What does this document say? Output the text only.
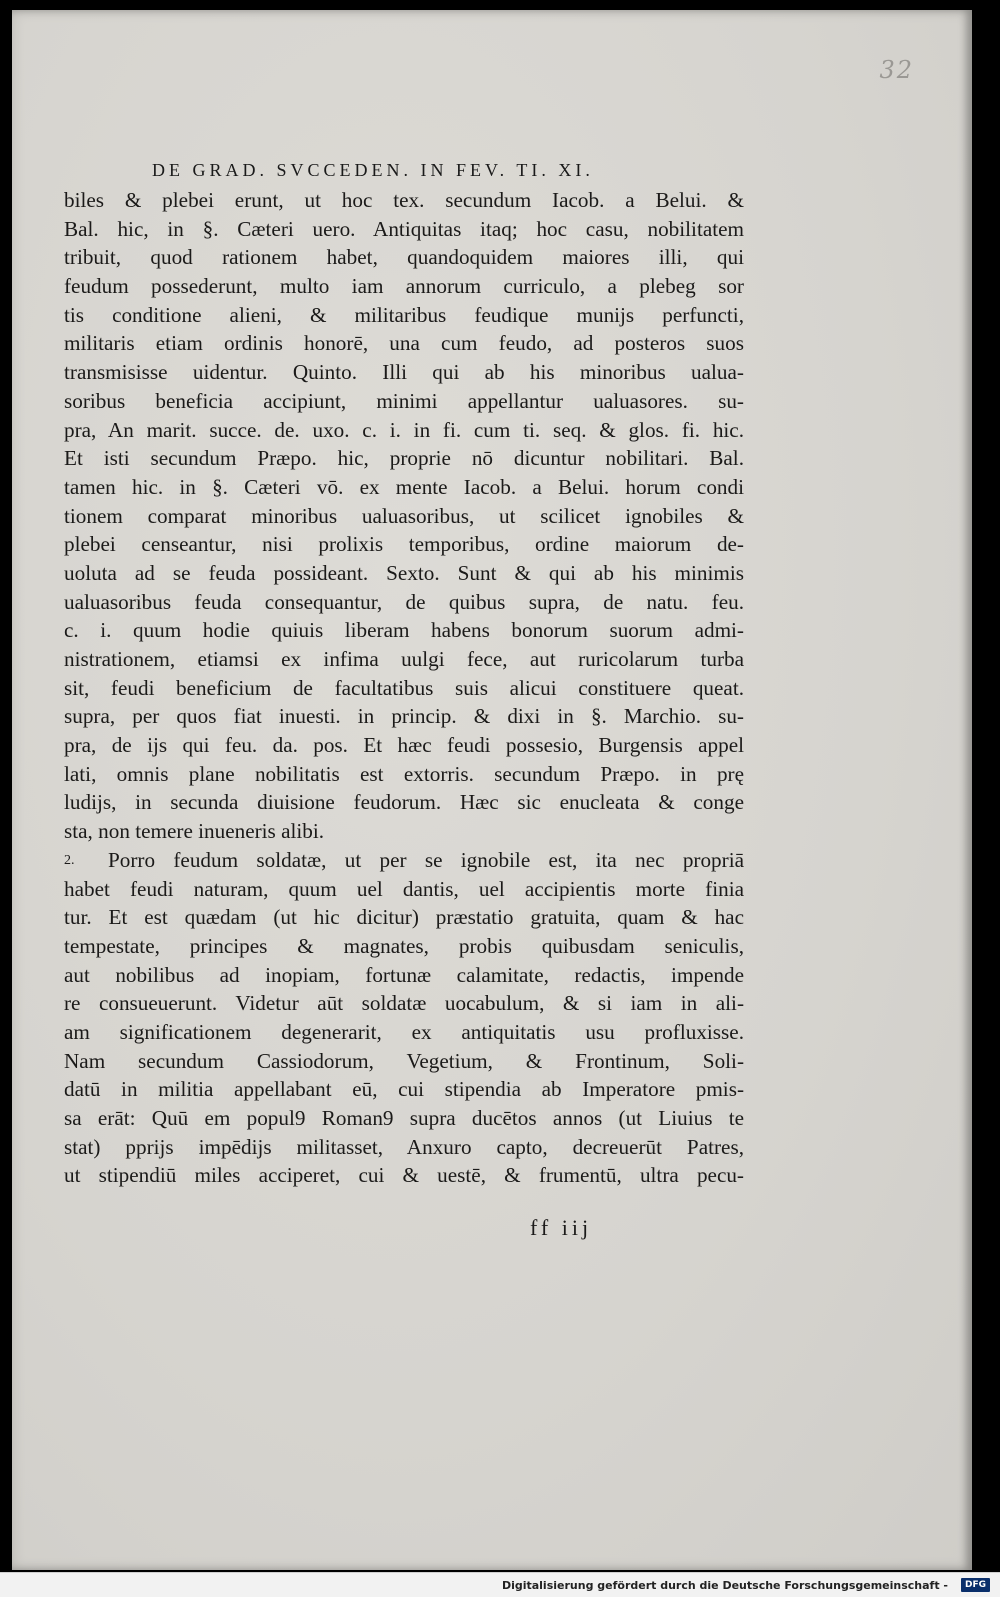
32
DE GRAD. SVCCEDEN. IN FEV. TI. XI.
biles & plebei erunt, ut hoc tex. secundum Iacob. a Belui. &
Bal. hic, in §. Cæteri uero. Antiquitas itaq; hoc casu, nobilitatem
tribuit, quod rationem habet, quandoquidem maiores illi, qui
feudum possederunt, multo iam annorum curriculo, a plebeg sor
tis conditione alieni, & militaribus feudique munijs perfuncti,
militaris etiam ordinis honorē, una cum feudo, ad posteros suos
transmisisse uidentur. Quinto. Illi qui ab his minoribus ualua-
soribus beneficia accipiunt, minimi appellantur ualuasores. su-
pra, An marit. succe. de. uxo. c. i. in fi. cum ti. seq. & glos. fi. hic.
Et isti secundum Præpo. hic, proprie nō dicuntur nobilitari. Bal.
tamen hic. in §. Cæteri vō. ex mente Iacob. a Belui. horum condi
tionem comparat minoribus ualuasoribus, ut scilicet ignobiles &
plebei censeantur, nisi prolixis temporibus, ordine maiorum de-
uoluta ad se feuda possideant. Sexto. Sunt & qui ab his minimis
ualuasoribus feuda consequantur, de quibus supra, de natu. feu.
c. i. quum hodie quiuis liberam habens bonorum suorum admi-
nistrationem, etiamsi ex infima uulgi fece, aut ruricolarum turba
sit, feudi beneficium de facultatibus suis alicui constituere queat.
supra, per quos fiat inuesti. in princip. & dixi in §. Marchio. su-
pra, de ijs qui feu. da. pos. Et hæc feudi possesio, Burgensis appel
lati, omnis plane nobilitatis est extorris. secundum Præpo. in prę
ludijs, in secunda diuisione feudorum. Hæc sic enucleata & conge
sta, non temere inueneris alibi.
2. Porro feudum soldatæ, ut per se ignobile est, ita nec propriā
habet feudi naturam, quum uel dantis, uel accipientis morte finia
tur. Et est quædam (ut hic dicitur) præstatio gratuita, quam & hac
tempestate, principes & magnates, probis quibusdam seniculis,
aut nobilibus ad inopiam, fortunæ calamitate, redactis, impende
re consueuerunt. Videtur aūt soldatæ uocabulum, & si iam in ali-
am significationem degenerarit, ex antiquitatis usu profluxisse.
Nam secundum Cassiodorum, Vegetium, & Frontinum, Soli-
datū in militia appellabant eū, cui stipendia ab Imperatore pmis-
sa erāt: Quū em popul9 Roman9 supra ducētos annos (ut Liuius te
stat) pprijs impēdijs militasset, Anxuro capto, decreuerūt Patres,
ut stipendiū miles acciperet, cui & uestē, & frumentū, ultra pecu-
ff iij
Digitalisierung gefördert durch die Deutsche Forschungsgemeinschaft -	DFG
